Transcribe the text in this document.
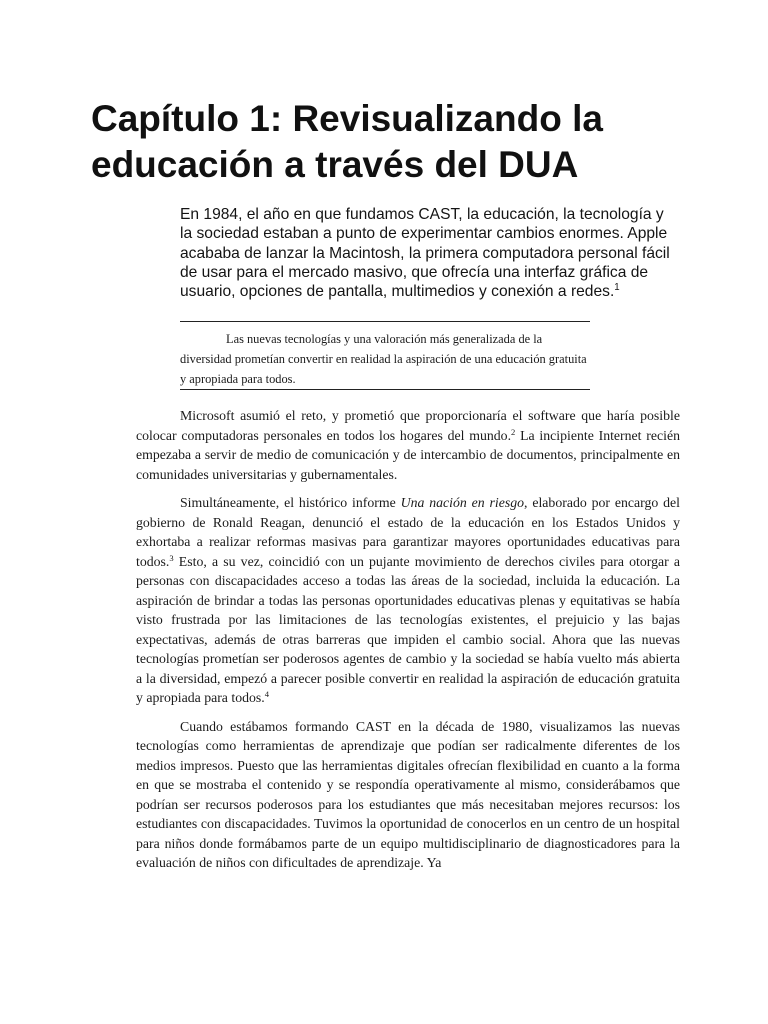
Capítulo 1: Revisualizando la educación a través del DUA

En 1984, el año en que fundamos CAST, la educación, la tecnología y la sociedad estaban a punto de experimentar cambios enormes. Apple acababa de lanzar la Macintosh, la primera computadora personal fácil de usar para el mercado masivo, que ofrecía una interfaz gráfica de usuario, opciones de pantalla, multimedios y conexión a redes.$^1$

Las nuevas tecnologías y una valoración más generalizada de la diversidad prometían convertir en realidad la aspiración de una educación gratuita y apropiada para todos.

Microsoft asumió el reto, y prometió que proporcionaría el software que haría posible colocar computadoras personales en todos los hogares del mundo.$^2$ La incipiente Internet recién empezaba a servir de medio de comunicación y de intercambio de documentos, principalmente en comunidades universitarias y gubernamentales.

Simultáneamente, el histórico informe Una nación en riesgo, elaborado por encargo del gobierno de Ronald Reagan, denunció el estado de la educación en los Estados Unidos y exhortaba a realizar reformas masivas para garantizar mayores oportunidades educativas para todos.$^3$ Esto, a su vez, coincidió con un pujante movimiento de derechos civiles para otorgar a personas con discapacidades acceso a todas las áreas de la sociedad, incluida la educación. La aspiración de brindar a todas las personas oportunidades educativas plenas y equitativas se había visto frustrada por las limitaciones de las tecnologías existentes, el prejuicio y las bajas expectativas, además de otras barreras que impiden el cambio social. Ahora que las nuevas tecnologías prometían ser poderosos agentes de cambio y la sociedad se había vuelto más abierta a la diversidad, empezó a parecer posible convertir en realidad la aspiración de educación gratuita y apropiada para todos.$^4$

Cuando estábamos formando CAST en la década de 1980, visualizamos las nuevas tecnologías como herramientas de aprendizaje que podían ser radicalmente diferentes de los medios impresos. Puesto que las herramientas digitales ofrecían flexibilidad en cuanto a la forma en que se mostraba el contenido y se respondía operativamente al mismo, considerábamos que podrían ser recursos poderosos para los estudiantes que más necesitaban mejores recursos: los estudiantes con discapacidades. Tuvimos la oportunidad de conocerlos en un centro de un hospital para niños donde formábamos parte de un equipo multidisciplinario de diagnosticadores para la evaluación de niños con dificultades de aprendizaje. Ya
